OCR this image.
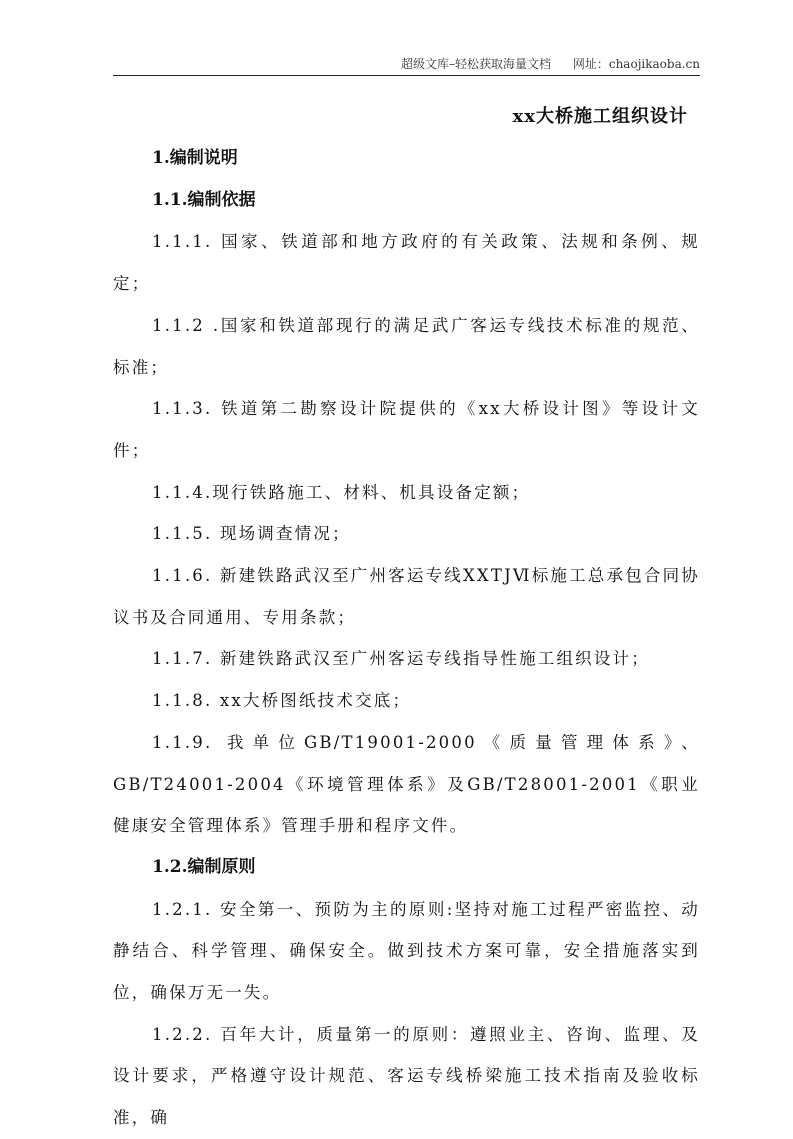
超级文库–轻松获取海量文档 网址：chaojikaoba.cn
xx大桥施工组织设计
1.编制说明
1.1.编制依据

1.1.1. 国家、铁道部和地方政府的有关政策、法规和条例、规定；

1.1.2 .国家和铁道部现行的满足武广客运专线技术标准的规范、标准；

1.1.3. 铁道第二勘察设计院提供的《xx大桥设计图》等设计文件；

1.1.4.现行铁路施工、材料、机具设备定额；

1.1.5. 现场调查情况；

1.1.6. 新建铁路武汉至广州客运专线XXTJⅥ标施工总承包合同协议书及合同通用、专用条款；

1.1.7. 新建铁路武汉至广州客运专线指导性施工组织设计；

1.1.8. xx大桥图纸技术交底；

1.1.9. 我单位GB/T19001-2000《质量管理体系》、GB/T24001-2004《环境管理体系》及GB/T28001-2001《职业健康安全管理体系》管理手册和程序文件。

1.2.编制原则

1.2.1. 安全第一、预防为主的原则:坚持对施工过程严密监控、动静结合、科学管理、确保安全。做到技术方案可靠，安全措施落实到位，确保万无一失。

1.2.2. 百年大计，质量第一的原则：遵照业主、咨询、监理、及设计要求，严格遵守设计规范、客运专线桥梁施工技术指南及验收标准，确
